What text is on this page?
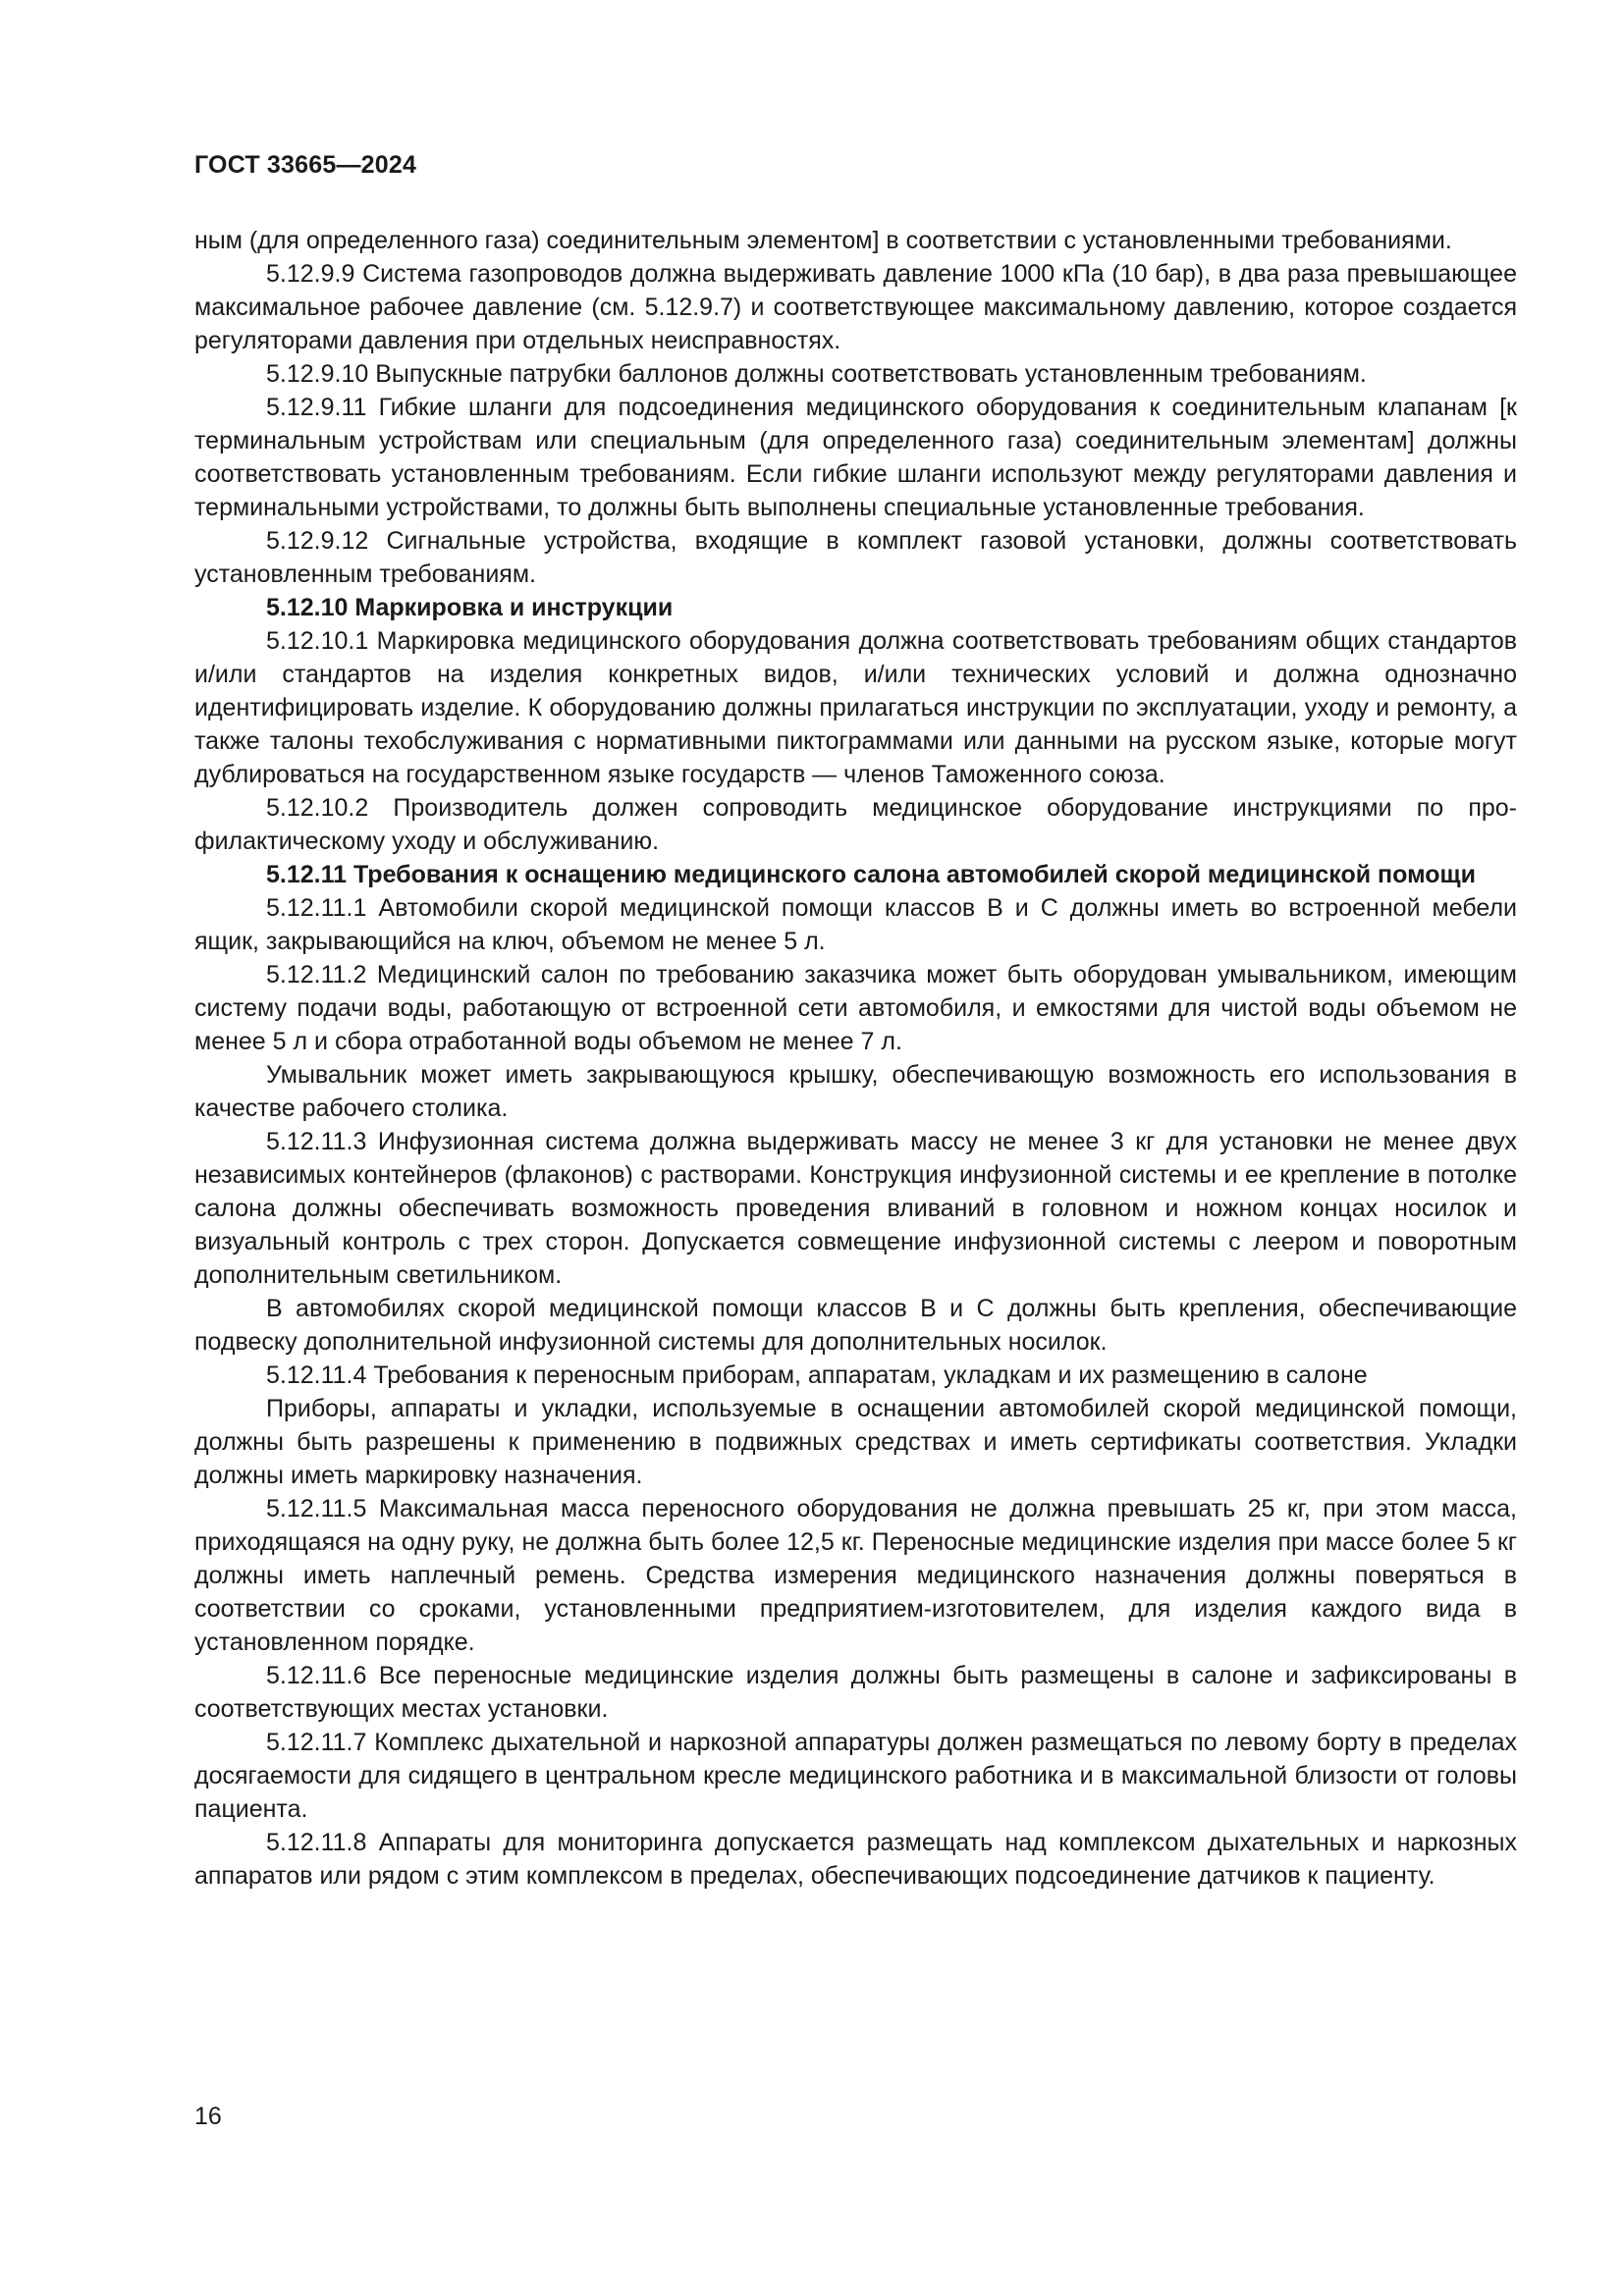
ГОСТ 33665—2024

ным (для определенного газа) соединительным элементом] в соответствии с установленными требованиями.

5.12.9.9 Система газопроводов должна выдерживать давление 1000 кПа (10 бар), в два раза превышающее максимальное рабочее давление (см. 5.12.9.7) и соответствующее максимальному давлению, которое создается регуляторами давления при отдельных неисправностях.

5.12.9.10 Выпускные патрубки баллонов должны соответствовать установленным требованиям.

5.12.9.11 Гибкие шланги для подсоединения медицинского оборудования к соединительным клапанам [к терминальным устройствам или специальным (для определенного газа) соединительным элементам] должны соответствовать установленным требованиям. Если гибкие шланги используют между регуляторами давления и терминальными устройствами, то должны быть выполнены специальные установленные требования.

5.12.9.12 Сигнальные устройства, входящие в комплект газовой установки, должны соответствовать установленным требованиям.

5.12.10 Маркировка и инструкции

5.12.10.1 Маркировка медицинского оборудования должна соответствовать требованиям общих стандартов и/или стандартов на изделия конкретных видов, и/или технических условий и должна однозначно идентифицировать изделие. К оборудованию должны прилагаться инструкции по эксплуатации, уходу и ремонту, а также талоны техобслуживания с нормативными пиктограммами или данными на русском языке, которые могут дублироваться на государственном языке государств — членов Таможенного союза.

5.12.10.2 Производитель должен сопроводить медицинское оборудование инструкциями по профилактическому уходу и обслуживанию.

5.12.11 Требования к оснащению медицинского салона автомобилей скорой медицинской помощи

5.12.11.1 Автомобили скорой медицинской помощи классов B и C должны иметь во встроенной мебели ящик, закрывающийся на ключ, объемом не менее 5 л.

5.12.11.2 Медицинский салон по требованию заказчика может быть оборудован умывальником, имеющим систему подачи воды, работающую от встроенной сети автомобиля, и емкостями для чистой воды объемом не менее 5 л и сбора отработанной воды объемом не менее 7 л.

Умывальник может иметь закрывающуюся крышку, обеспечивающую возможность его использования в качестве рабочего столика.

5.12.11.3 Инфузионная система должна выдерживать массу не менее 3 кг для установки не менее двух независимых контейнеров (флаконов) с растворами. Конструкция инфузионной системы и ее крепление в потолке салона должны обеспечивать возможность проведения вливаний в головном и ножном концах носилок и визуальный контроль с трех сторон. Допускается совмещение инфузионной системы с леером и поворотным дополнительным светильником.

В автомобилях скорой медицинской помощи классов B и C должны быть крепления, обеспечивающие подвеску дополнительной инфузионной системы для дополнительных носилок.

5.12.11.4 Требования к переносным приборам, аппаратам, укладкам и их размещению в салоне

Приборы, аппараты и укладки, используемые в оснащении автомобилей скорой медицинской помощи, должны быть разрешены к применению в подвижных средствах и иметь сертификаты соответствия. Укладки должны иметь маркировку назначения.

5.12.11.5 Максимальная масса переносного оборудования не должна превышать 25 кг, при этом масса, приходящаяся на одну руку, не должна быть более 12,5 кг. Переносные медицинские изделия при массе более 5 кг должны иметь наплечный ремень. Средства измерения медицинского назначения должны поверяться в соответствии со сроками, установленными предприятием-изготовителем, для изделия каждого вида в установленном порядке.

5.12.11.6 Все переносные медицинские изделия должны быть размещены в салоне и зафиксированы в соответствующих местах установки.

5.12.11.7 Комплекс дыхательной и наркозной аппаратуры должен размещаться по левому борту в пределах досягаемости для сидящего в центральном кресле медицинского работника и в максимальной близости от головы пациента.

5.12.11.8 Аппараты для мониторинга допускается размещать над комплексом дыхательных и наркозных аппаратов или рядом с этим комплексом в пределах, обеспечивающих подсоединение датчиков к пациенту.

16
